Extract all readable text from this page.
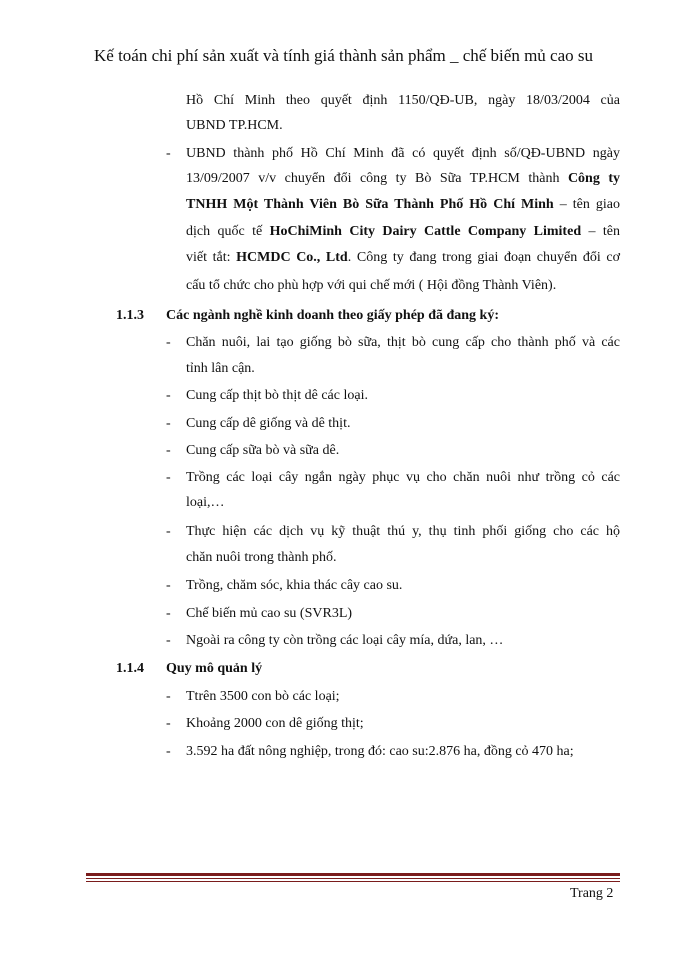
Kế toán chi phí sản xuất và tính giá thành sản phẩm _ chế biến mủ cao su
Hồ Chí Minh theo quyết định 1150/QĐ-UB, ngày 18/03/2004 của
UBND TP.HCM.
- UBND thành phố Hồ Chí Minh đã có quyết định số/QĐ-UBND ngày
13/09/2007 v/v chuyển đổi công ty Bò Sữa TP.HCM thành Công ty
TNHH Một Thành Viên Bò Sữa Thành Phố Hồ Chí Minh – tên giao
dịch quốc tế HoChiMinh City Dairy Cattle Company Limited – tên
viết tắt: HCMDC Co., Ltd. Công ty đang trong giai đoạn chuyển đổi cơ
cấu tổ chức cho phù hợp với qui chế mới ( Hội đồng Thành Viên).
1.1.3 Các ngành nghề kinh doanh theo giấy phép đã đang ký:
- Chăn nuôi, lai tạo giống bò sữa, thịt bò cung cấp cho thành phố và các
tỉnh lân cận.
- Cung cấp thịt bò thịt dê các loại.
- Cung cấp dê giống và dê thịt.
- Cung cấp sữa bò và sữa dê.
- Trồng các loại cây ngắn ngày phục vụ cho chăn nuôi như trồng cỏ các
loại,…
- Thực hiện các dịch vụ kỹ thuật thú y, thụ tinh phối giống cho các hộ
chăn nuôi trong thành phố.
- Trồng, chăm sóc, khia thác cây cao su.
- Chế biến mủ cao su (SVR3L)
- Ngoài ra công ty còn trồng các loại cây mía, dứa, lan, …
1.1.4 Quy mô quản lý
- Ttrên 3500 con bò các loại;
- Khoảng 2000 con dê giống thịt;
- 3.592 ha đất nông nghiệp, trong đó: cao su:2.876 ha, đồng cỏ 470 ha;
Trang 2
